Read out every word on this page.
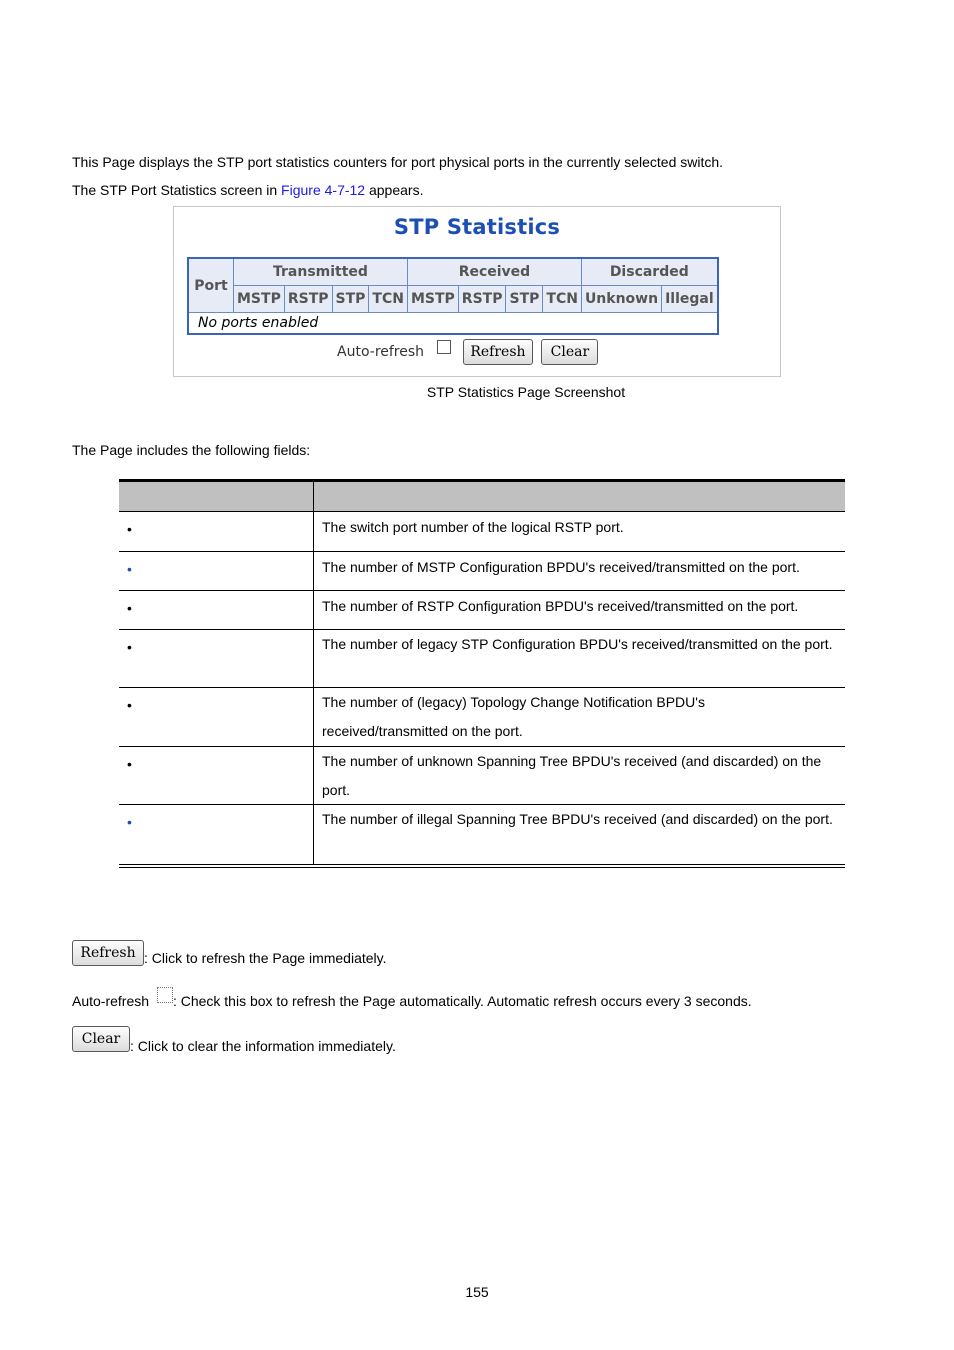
This Page displays the STP port statistics counters for port physical ports in the currently selected switch.
The STP Port Statistics screen in Figure 4-7-12 appears.
STP Statistics
Port	Transmitted				Received				Discarded	
	MSTP	RSTP	STP	TCN	MSTP	RSTP	STP	TCN	Unknown	Illegal
No ports enabled										
Auto-refresh	Refresh Clear
STP Statistics Page Screenshot
The Page includes the following fields:
•	The switch port number of the logical RSTP port.
•	The number of MSTP Configuration BPDU's received/transmitted on the port.
•	The number of RSTP Configuration BPDU's received/transmitted on the port.
•	The number of legacy STP Configuration BPDU's received/transmitted on the port.
•	The number of (legacy) Topology Change Notification BPDU's received/transmitted on the port.
•	The number of unknown Spanning Tree BPDU's received (and discarded) on the port.
•	The number of illegal Spanning Tree BPDU's received (and discarded) on the port.
Refresh : Click to refresh the Page immediately.
Auto-refresh : Check this box to refresh the Page automatically. Automatic refresh occurs every 3 seconds.
Clear : Click to clear the information immediately.
155
